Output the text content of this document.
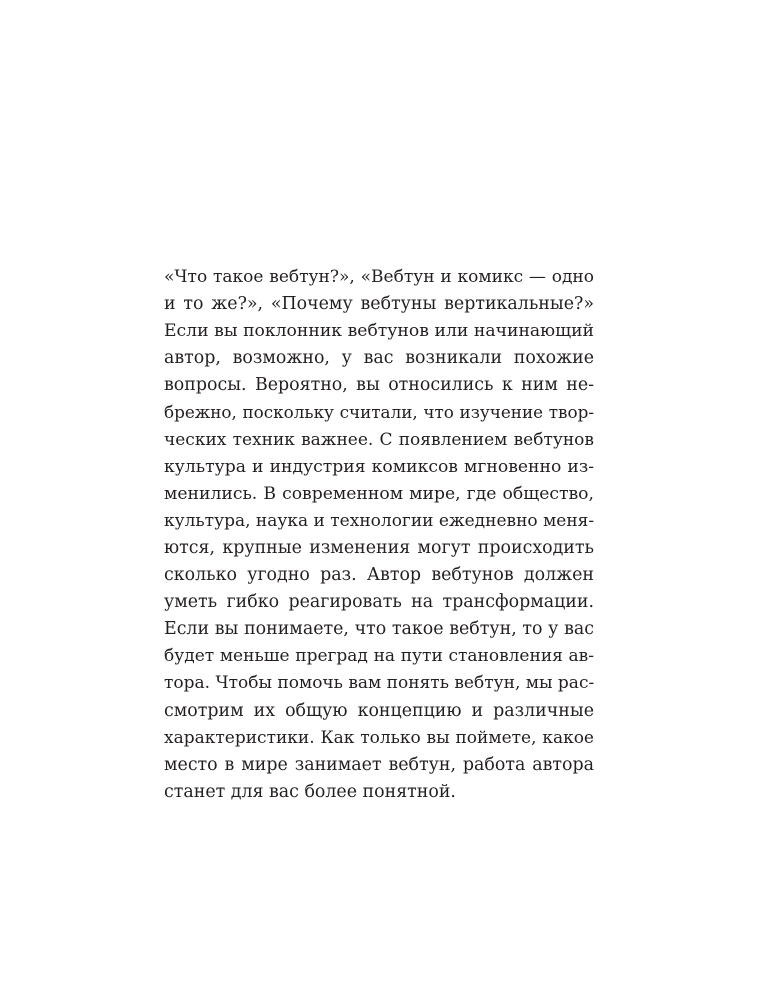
«Что такое вебтун?», «Вебтун и комикс — одно
и то же?», «Почему вебтуны вертикальные?»
Если вы поклонник вебтунов или начинающий
автор, возможно, у вас возникали похожие
вопросы. Вероятно, вы относились к ним не-
брежно, поскольку считали, что изучение твор-
ческих техник важнее. С появлением вебтунов
культура и индустрия комиксов мгновенно из-
менились. В современном мире, где общество,
культура, наука и технологии ежедневно меня-
ются, крупные изменения могут происходить
сколько угодно раз. Автор вебтунов должен
уметь гибко реагировать на трансформации.
Если вы понимаете, что такое вебтун, то у вас
будет меньше преград на пути становления ав-
тора. Чтобы помочь вам понять вебтун, мы рас-
смотрим их общую концепцию и различные
характеристики. Как только вы поймете, какое
место в мире занимает вебтун, работа автора
станет для вас более понятной.
